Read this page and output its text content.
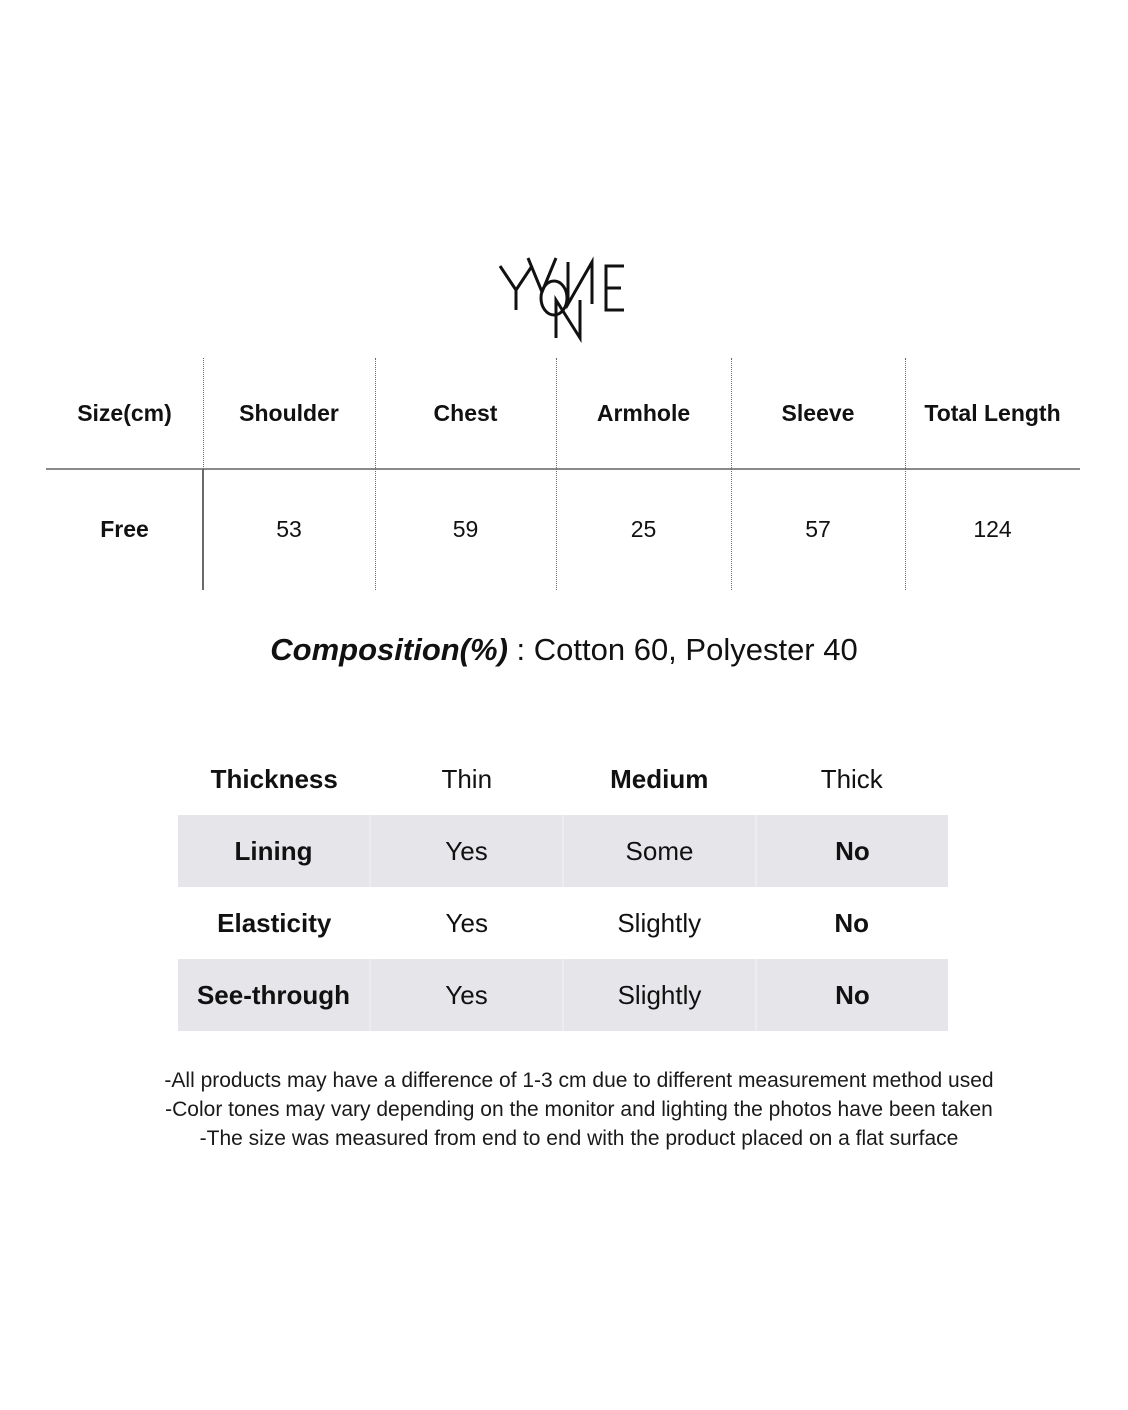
Size(cm)	Shoulder	Chest	Armhole	Sleeve	Total Length
Free	53	59	25	57	124
Composition(%) : Cotton 60, Polyester 40
Thickness	Thin	Medium	Thick
Lining	Yes	Some	No
Elasticity	Yes	Slightly	No
See-through	Yes	Slightly	No
-All products may have a difference of 1-3 cm due to different measurement method used
-Color tones may vary depending on the monitor and lighting the photos have been taken
-The size was measured from end to end with the product placed on a flat surface
